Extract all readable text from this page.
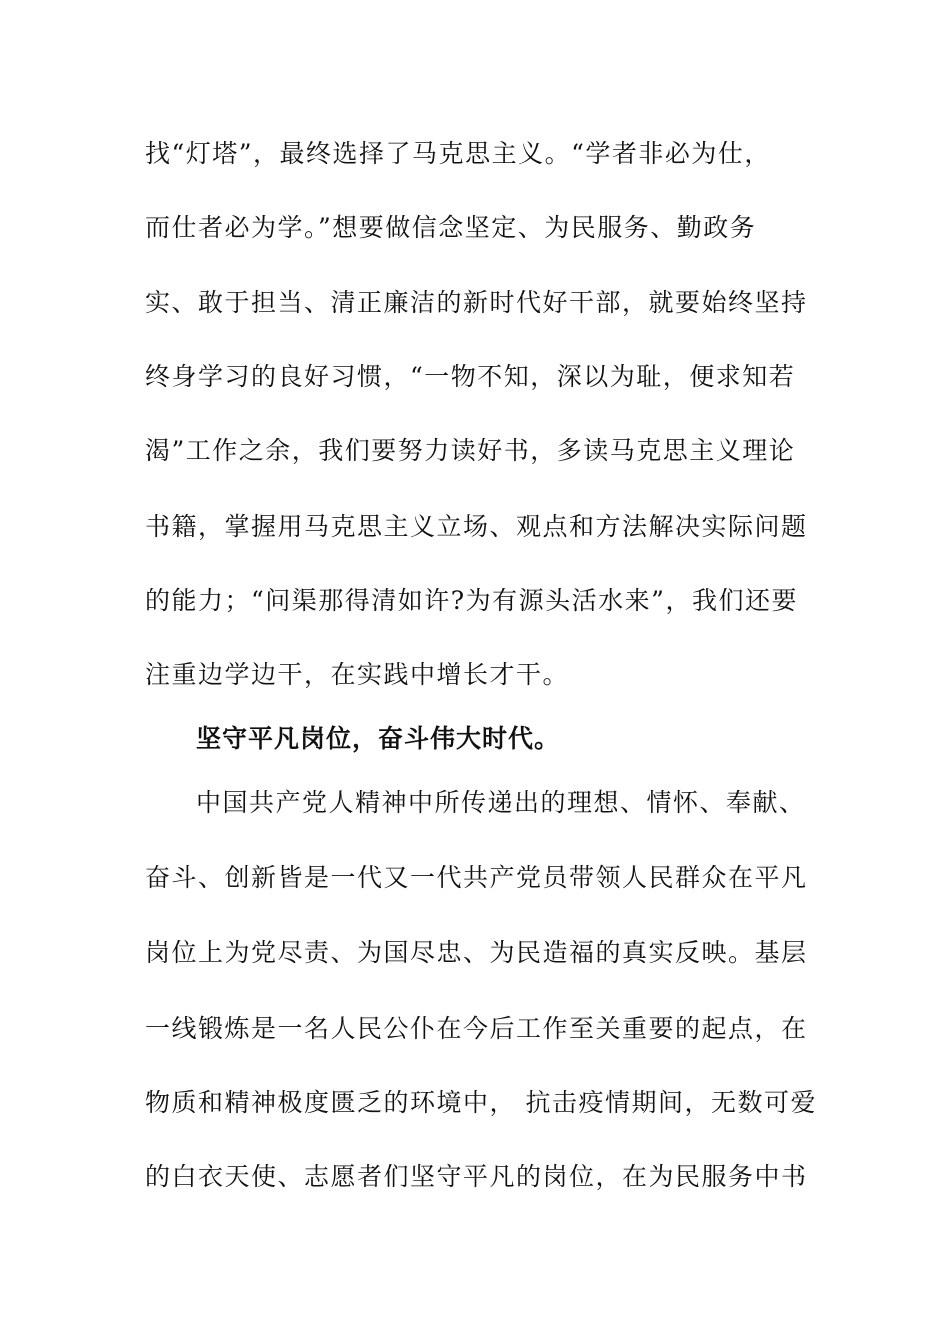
找“灯塔”，最终选择了马克思主义。“学者非必为仕，
而仕者必为学。”想要做信念坚定、为民服务、勤政务
实、敢于担当、清正廉洁的新时代好干部，就要始终坚持
终身学习的良好习惯，“一物不知，深以为耻，便求知若
渴”工作之余，我们要努力读好书，多读马克思主义理论
书籍，掌握用马克思主义立场、观点和方法解决实际问题
的能力；“问渠那得清如许?为有源头活水来”，我们还要
注重边学边干，在实践中增长才干。
坚守平凡岗位，奋斗伟大时代。
中国共产党人精神中所传递出的理想、情怀、奉献、
奋斗、创新皆是一代又一代共产党员带领人民群众在平凡
岗位上为党尽责、为国尽忠、为民造福的真实反映。基层
一线锻炼是一名人民公仆在今后工作至关重要的起点，在
物质和精神极度匮乏的环境中， 抗击疫情期间，无数可爱
的白衣天使、志愿者们坚守平凡的岗位，在为民服务中书
